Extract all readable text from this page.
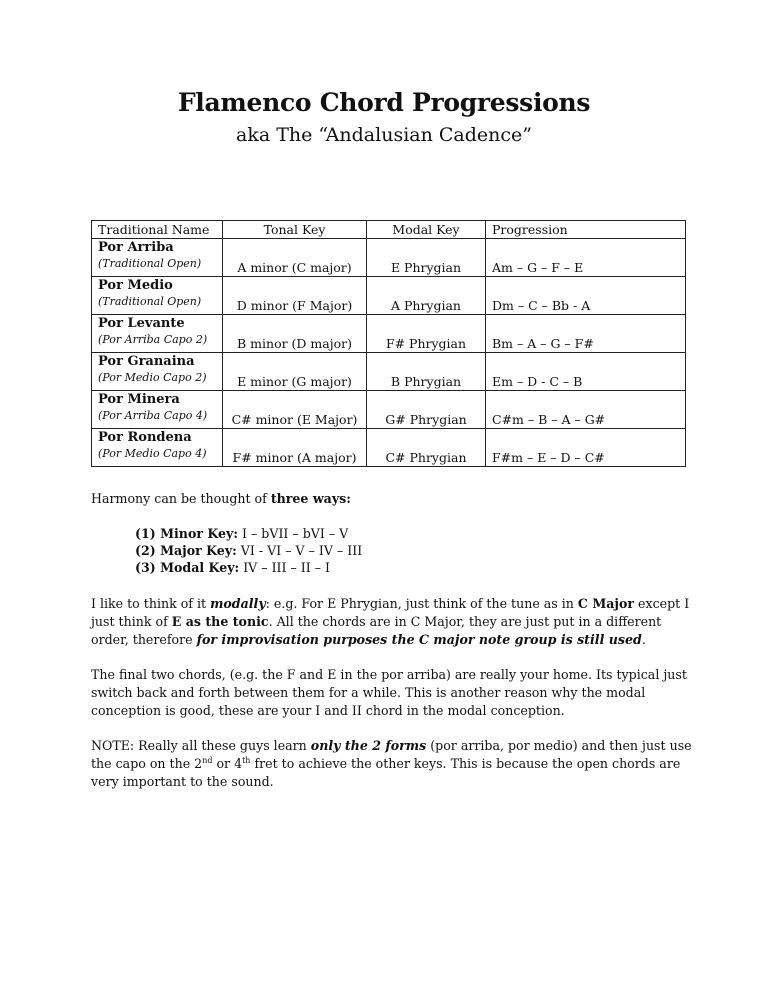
Flamenco Chord Progressions
aka The “Andalusian Cadence”
Traditional Name	Tonal Key	Modal Key	Progression

Por Arriba
(Traditional Open)	A minor (C major)	E Phrygian	Am – G – F – E

Por Medio
(Traditional Open)	D minor (F Major)	A Phrygian	Dm – C – Bb - A

Por Levante
(Por Arriba Capo 2)	B minor (D major)	F# Phrygian	Bm – A – G – F#

Por Granaina
(Por Medio Capo 2)	E minor (G major)	B Phrygian	Em – D - C – B

Por Minera
(Por Arriba Capo 4)	C# minor (E Major)	G# Phrygian	C#m – B – A – G#

Por Rondena
(Por Medio Capo 4)	F# minor (A major)	C# Phrygian	F#m – E – D – C#
Harmony can be thought of three ways:
(1) Minor Key: I – bVII – bVI – V
(2) Major Key: VI - VI – V – IV – III
(3) Modal Key: IV – III – II – I
I like to think of it modally: e.g. For E Phrygian, just think of the tune as in C Major except I just think of E as the tonic. All the chords are in C Major, they are just put in a different order, therefore for improvisation purposes the C major note group is still used.
The final two chords, (e.g. the F and E in the por arriba) are really your home. Its typical just switch back and forth between them for a while. This is another reason why the modal conception is good, these are your I and II chord in the modal conception.
NOTE: Really all these guys learn only the 2 forms (por arriba, por medio) and then just use the capo on the 2nd or 4th fret to achieve the other keys. This is because the open chords are very important to the sound.
